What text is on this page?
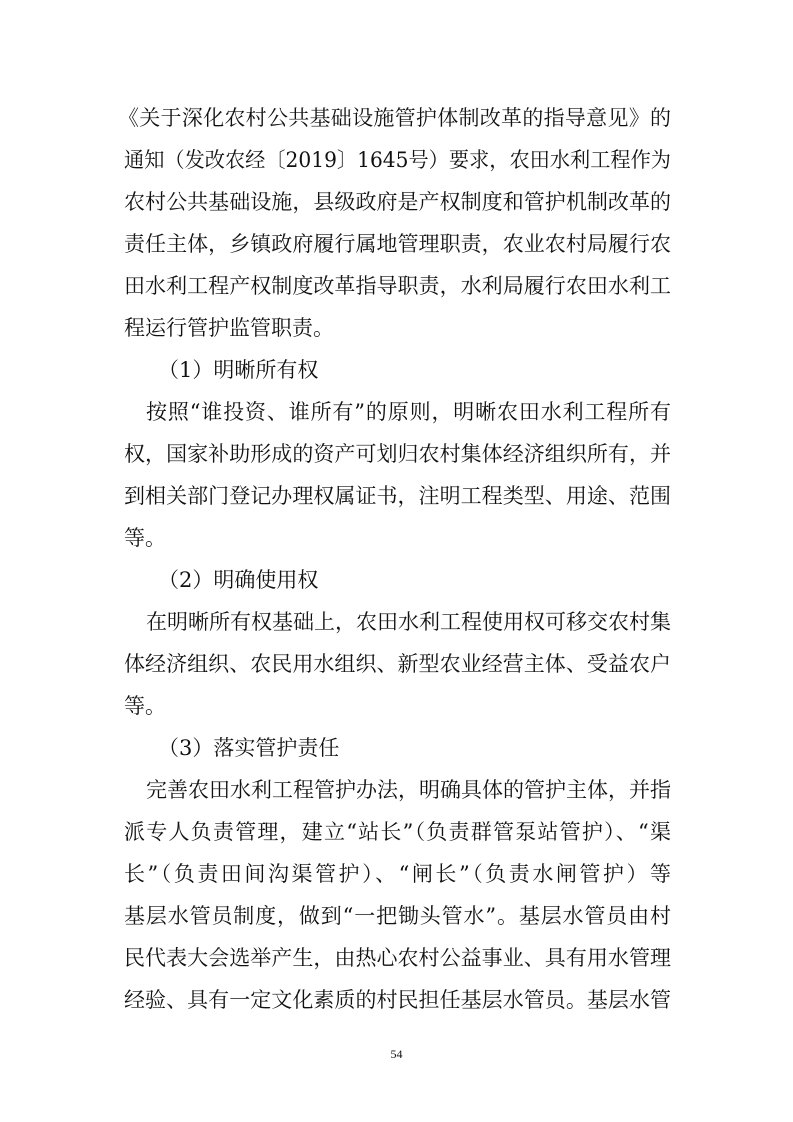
《关于深化农村公共基础设施管护体制改革的指导意见》的

通知（发改农经〔2019〕1645号）要求，农田水利工程作为

农村公共基础设施，县级政府是产权制度和管护机制改革的

责任主体，乡镇政府履行属地管理职责，农业农村局履行农

田水利工程产权制度改革指导职责，水利局履行农田水利工

程运行管护监管职责。

（1）明晰所有权

按照“谁投资、谁所有”的原则，明晰农田水利工程所有

权，国家补助形成的资产可划归农村集体经济组织所有，并

到相关部门登记办理权属证书，注明工程类型、用途、范围

等。

（2）明确使用权

在明晰所有权基础上，农田水利工程使用权可移交农村集

体经济组织、农民用水组织、新型农业经营主体、受益农户

等。

（3）落实管护责任

完善农田水利工程管护办法，明确具体的管护主体，并指

派专人负责管理，建立“站长”（负责群管泵站管护）、“渠

长”（负责田间沟渠管护）、“闸长”（负责水闸管护）等

基层水管员制度，做到“一把锄头管水”。基层水管员由村

民代表大会选举产生，由热心农村公益事业、具有用水管理

经验、具有一定文化素质的村民担任基层水管员。基层水管

54
